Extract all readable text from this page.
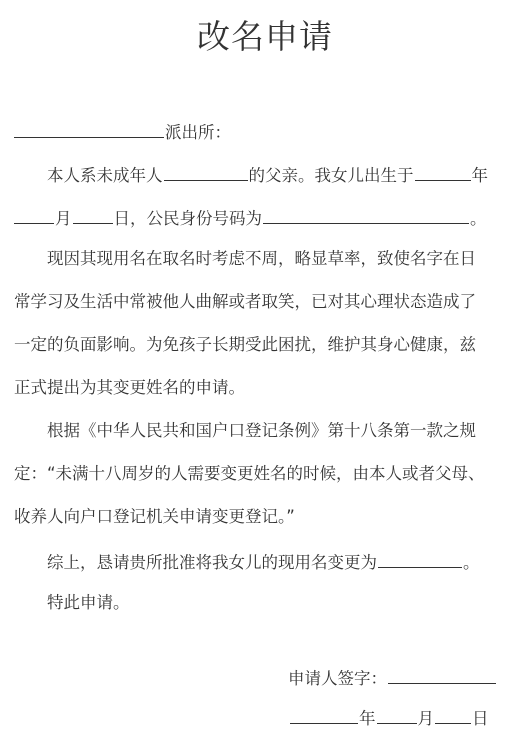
改名申请
派出所：
本人系未成年人	的父亲。我女儿出生于	年
月	日，公民身份号码为	。
现因其现用名在取名时考虑不周，略显草率，致使名字在日
常学习及生活中常被他人曲解或者取笑，已对其心理状态造成了
一定的负面影响。为免孩子长期受此困扰，维护其身心健康，兹
正式提出为其变更姓名的申请。
根据《中华人民共和国户口登记条例》第十八条第一款之规
定：“未满十八周岁的人需要变更姓名的时候，由本人或者父母、
收养人向户口登记机关申请变更登记。”
综上，恳请贵所批准将我女儿的现用名变更为	。
特此申请。
申请人签字：
年	月 日
